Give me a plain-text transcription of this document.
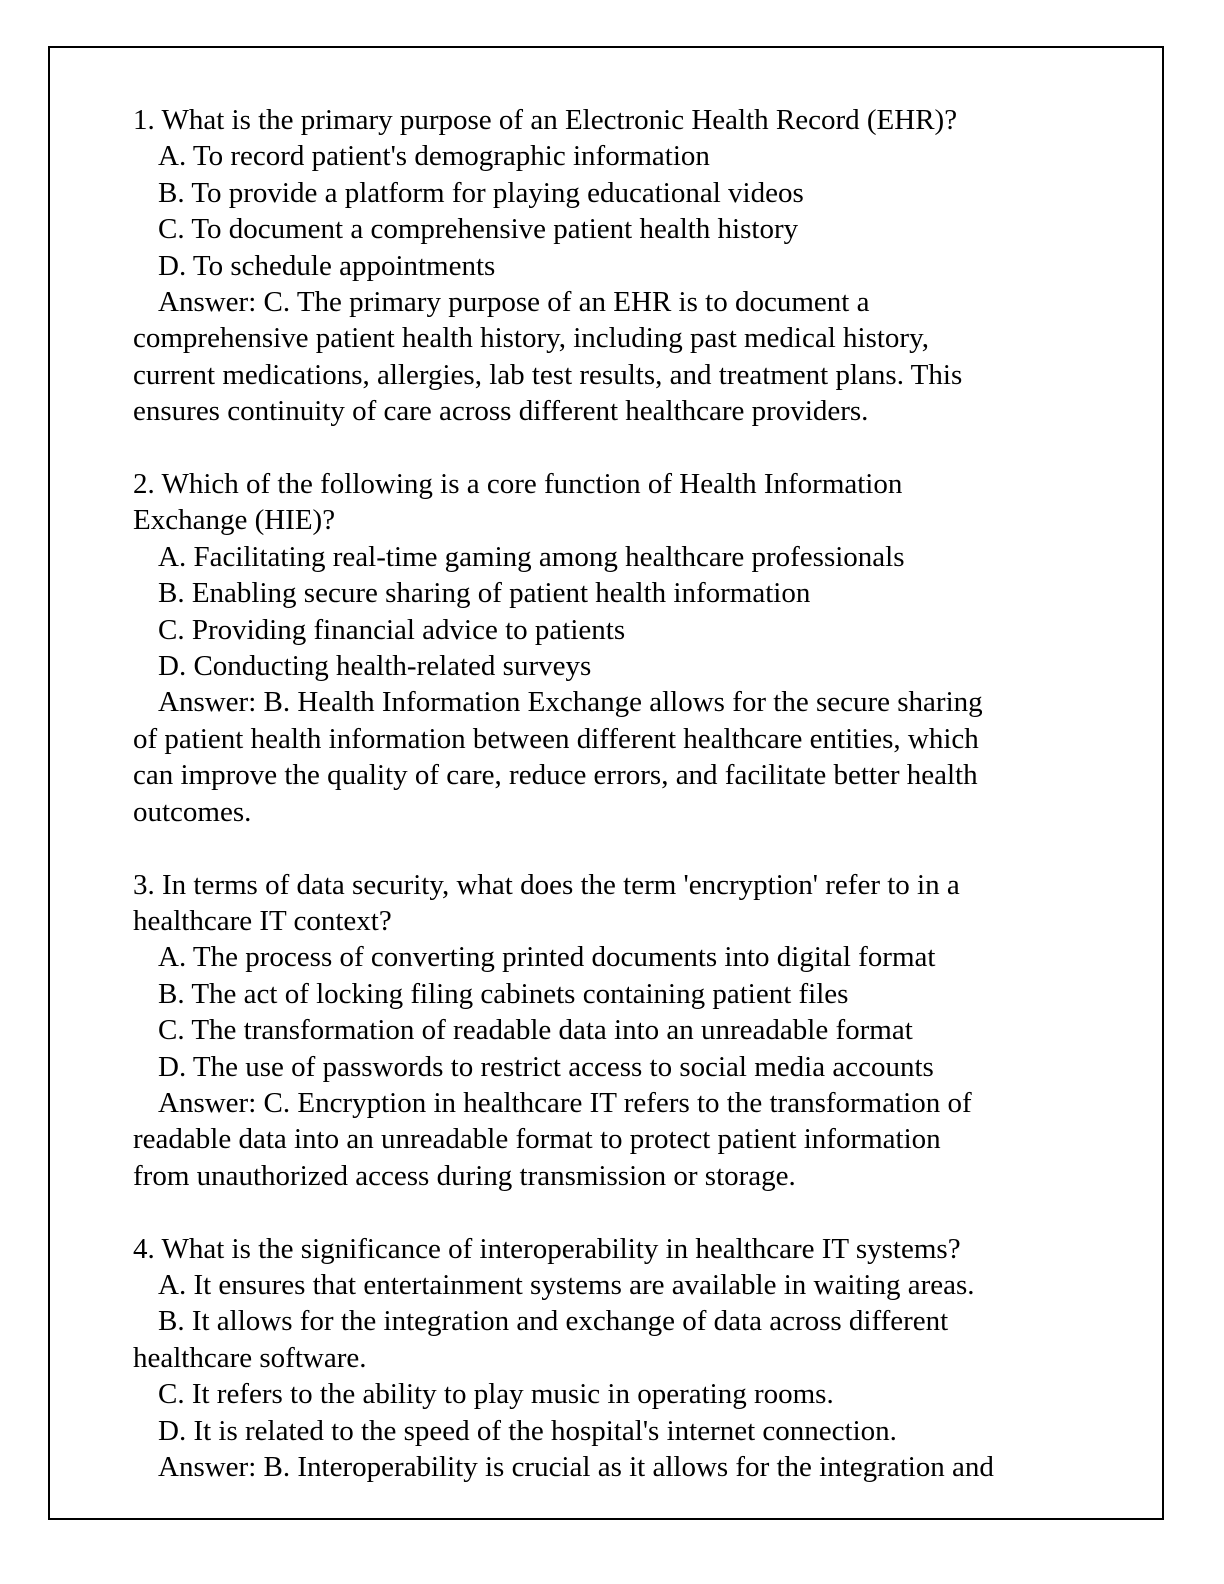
1. What is the primary purpose of an Electronic Health Record (EHR)?
A. To record patient's demographic information
B. To provide a platform for playing educational videos
C. To document a comprehensive patient health history
D. To schedule appointments
Answer: C. The primary purpose of an EHR is to document a
comprehensive patient health history, including past medical history,
current medications, allergies, lab test results, and treatment plans. This
ensures continuity of care across different healthcare providers.
2. Which of the following is a core function of Health Information
Exchange (HIE)?
A. Facilitating real-time gaming among healthcare professionals
B. Enabling secure sharing of patient health information
C. Providing financial advice to patients
D. Conducting health-related surveys
Answer: B. Health Information Exchange allows for the secure sharing
of patient health information between different healthcare entities, which
can improve the quality of care, reduce errors, and facilitate better health
outcomes.
3. In terms of data security, what does the term 'encryption' refer to in a
healthcare IT context?
A. The process of converting printed documents into digital format
B. The act of locking filing cabinets containing patient files
C. The transformation of readable data into an unreadable format
D. The use of passwords to restrict access to social media accounts
Answer: C. Encryption in healthcare IT refers to the transformation of
readable data into an unreadable format to protect patient information
from unauthorized access during transmission or storage.
4. What is the significance of interoperability in healthcare IT systems?
A. It ensures that entertainment systems are available in waiting areas.
B. It allows for the integration and exchange of data across different
healthcare software.
C. It refers to the ability to play music in operating rooms.
D. It is related to the speed of the hospital's internet connection.
Answer: B. Interoperability is crucial as it allows for the integration and
